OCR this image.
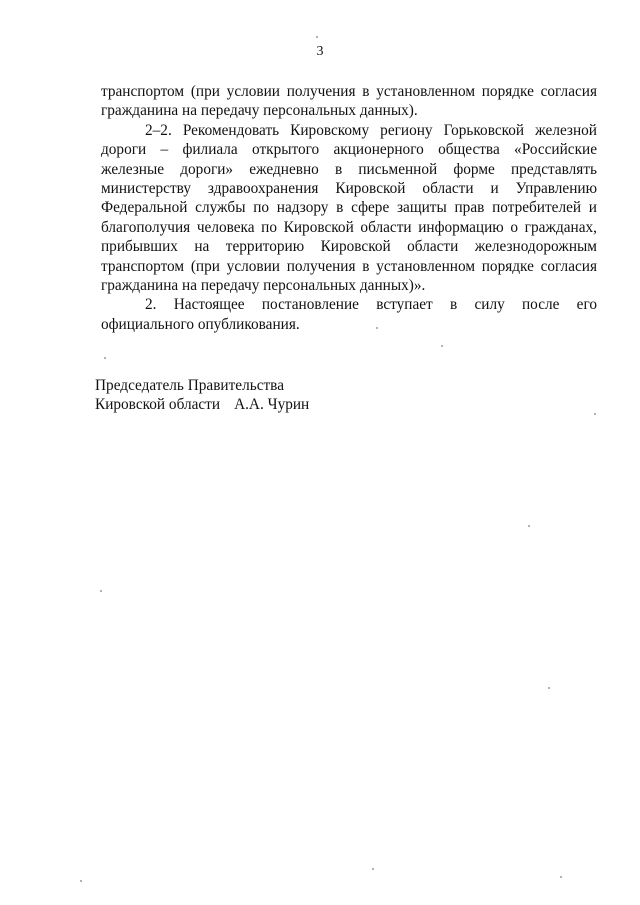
3

транспортом (при условии получения в установленном порядке согласия гражданина на передачу персональных данных).

2–2. Рекомендовать Кировскому региону Горьковской железной дороги – филиала открытого акционерного общества «Российские железные дороги» ежедневно в письменной форме представлять министерству здравоохранения Кировской области и Управлению Федеральной службы по надзору в сфере защиты прав потребителей и благополучия человека по Кировской области информацию о гражданах, прибывших на территорию Кировской области железнодорожным транспортом (при условии получения в установленном порядке согласия гражданина на передачу персональных данных)».

2. Настоящее постановление вступает в силу после его официального опубликования.

Председатель Правительства
Кировской области А.А. Чурин
